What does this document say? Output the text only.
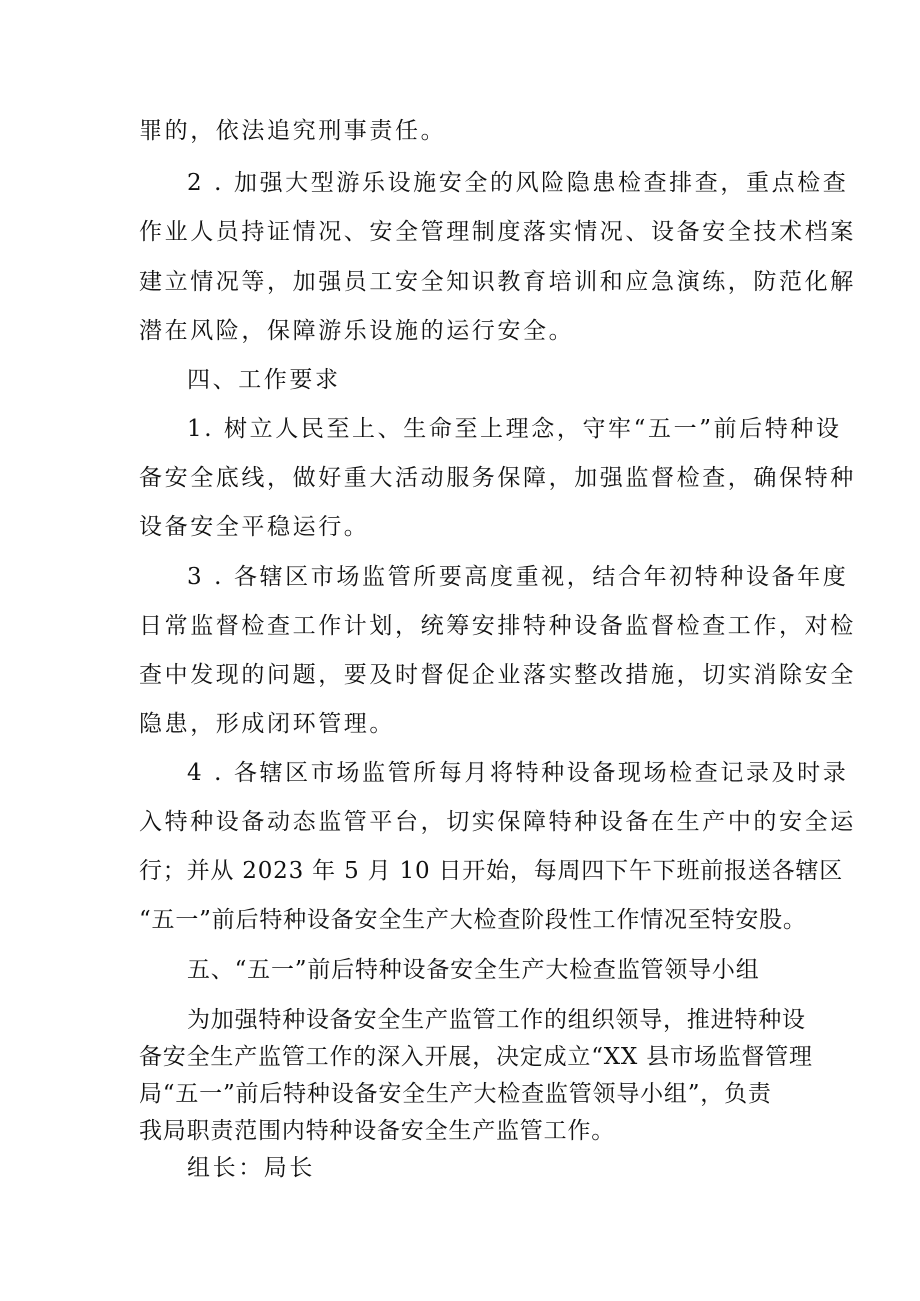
罪的，依法追究刑事责任。
2 . 加强大型游乐设施安全的风险隐患检查排查，重点检查
作业人员持证情况、安全管理制度落实情况、设备安全技术档案
建立情况等，加强员工安全知识教育培训和应急演练，防范化解
潜在风险，保障游乐设施的运行安全。
四、工作要求
1. 树立人民至上、生命至上理念，守牢“五一”前后特种设
备安全底线，做好重大活动服务保障，加强监督检查，确保特种
设备安全平稳运行。
3 . 各辖区市场监管所要高度重视，结合年初特种设备年度
日常监督检查工作计划，统筹安排特种设备监督检查工作，对检
查中发现的问题，要及时督促企业落实整改措施，切实消除安全
隐患，形成闭环管理。
4 . 各辖区市场监管所每月将特种设备现场检查记录及时录
入特种设备动态监管平台，切实保障特种设备在生产中的安全运
行；并从 2023 年 5 月 10 日开始，每周四下午下班前报送各辖区
“五一”前后特种设备安全生产大检查阶段性工作情况至特安股。
五、“五一”前后特种设备安全生产大检查监管领导小组
为加强特种设备安全生产监管工作的组织领导，推进特种设
备安全生产监管工作的深入开展，决定成立“XX 县市场监督管理
局“五一”前后特种设备安全生产大检查监管领导小组”，负责
我局职责范围内特种设备安全生产监管工作。
组长：局长
